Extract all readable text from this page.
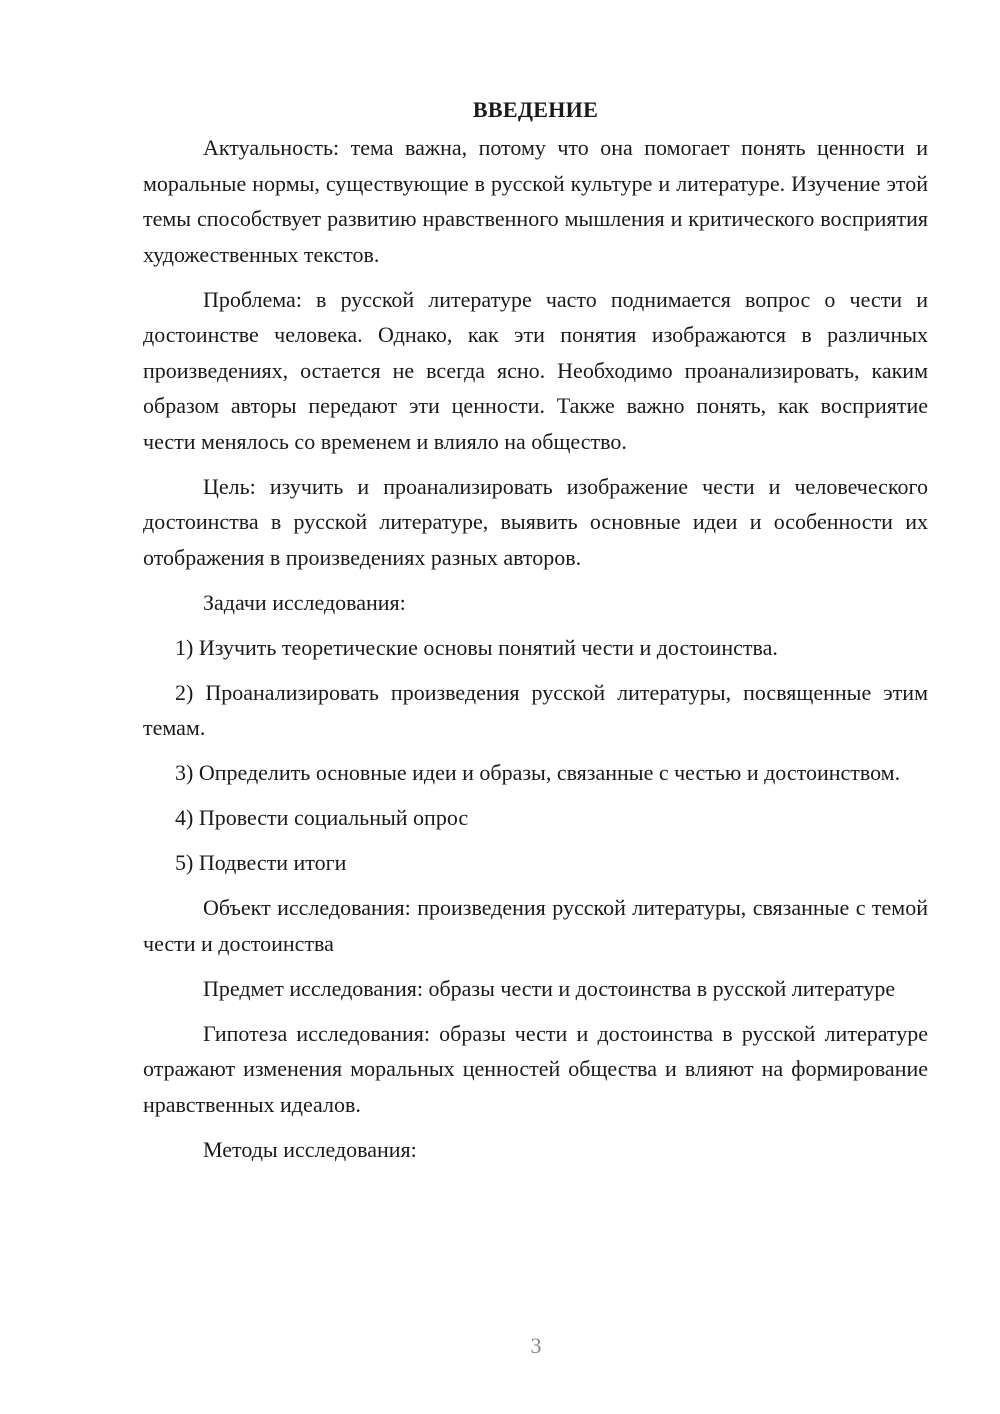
ВВЕДЕНИЕ

Актуальность: тема важна, потому что она помогает понять ценности и моральные нормы, существующие в русской культуре и литературе. Изучение этой темы способствует развитию нравственного мышления и критического восприятия художественных текстов.

Проблема: в русской литературе часто поднимается вопрос о чести и достоинстве человека. Однако, как эти понятия изображаются в различных произведениях, остается не всегда ясно. Необходимо проанализировать, каким образом авторы передают эти ценности. Также важно понять, как восприятие чести менялось со временем и влияло на общество.

Цель: изучить и проанализировать изображение чести и человеческого достоинства в русской литературе, выявить основные идеи и особенности их отображения в произведениях разных авторов.

Задачи исследования:

1) Изучить теоретические основы понятий чести и достоинства.

2) Проанализировать произведения русской литературы, посвященные этим темам.

3) Определить основные идеи и образы, связанные с честью и достоинством.

4) Провести социальный опрос

5) Подвести итоги

Объект исследования: произведения русской литературы, связанные с темой чести и достоинства

Предмет исследования: образы чести и достоинства в русской литературе

Гипотеза исследования: образы чести и достоинства в русской литературе отражают изменения моральных ценностей общества и влияют на формирование нравственных идеалов.

Методы исследования:

3
